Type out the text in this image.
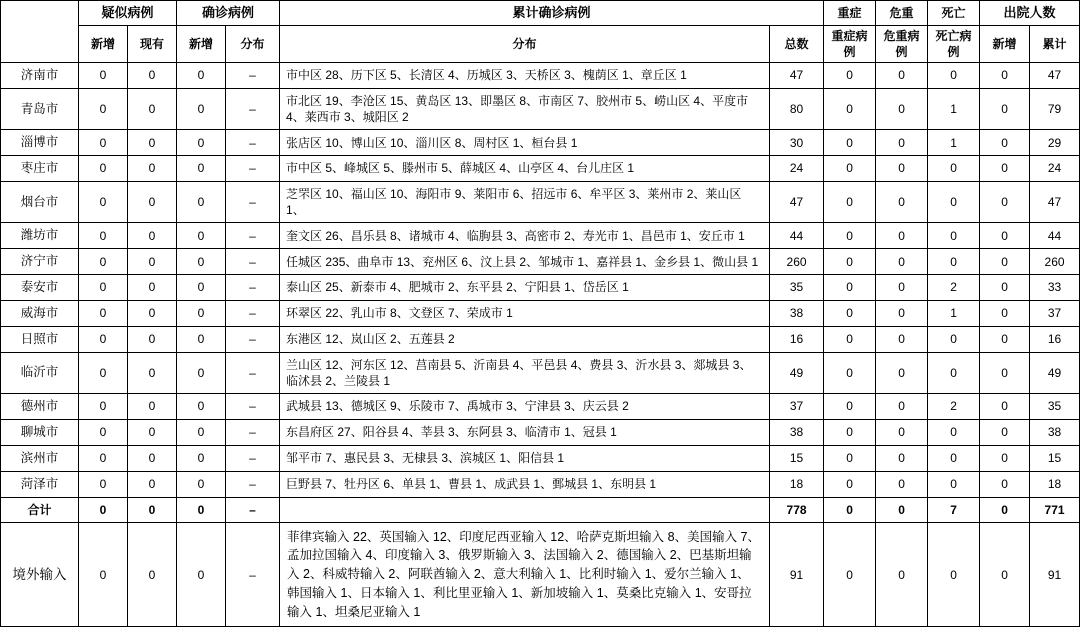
	疑似病例		确诊病例		累计确诊病例		重症	危重	死亡	出院人数	
	新增	现有	新增	分布	分布	总数	重症病例	危重病例	死亡病例	新增	累计
济南市	0	0	0	–	市中区 28、历下区 5、长清区 4、历城区 3、天桥区 3、槐荫区 1、章丘区 1	47	0	0	0	0	47
青岛市	0	0	0	–	市北区 19、李沧区 15、黄岛区 13、即墨区 8、市南区 7、胶州市 5、崂山区 4、平度市 4、莱西市 3、城阳区 2	80	0	0	1	0	79
淄博市	0	0	0	–	张店区 10、博山区 10、淄川区 8、周村区 1、桓台县 1	30	0	0	1	0	29
枣庄市	0	0	0	–	市中区 5、峰城区 5、滕州市 5、薛城区 4、山亭区 4、台儿庄区 1	24	0	0	0	0	24
烟台市	0	0	0	–	芝罘区 10、福山区 10、海阳市 9、莱阳市 6、招远市 6、牟平区 3、莱州市 2、莱山区 1、	47	0	0	0	0	47
潍坊市	0	0	0	–	奎文区 26、昌乐县 8、诸城市 4、临朐县 3、高密市 2、寿光市 1、昌邑市 1、安丘市 1	44	0	0	0	0	44
济宁市	0	0	0	–	任城区 235、曲阜市 13、兖州区 6、汶上县 2、邹城市 1、嘉祥县 1、金乡县 1、微山县 1	260	0	0	0	0	260
泰安市	0	0	0	–	泰山区 25、新泰市 4、肥城市 2、东平县 2、宁阳县 1、岱岳区 1	35	0	0	2	0	33
威海市	0	0	0	–	环翠区 22、乳山市 8、文登区 7、荣成市 1	38	0	0	1	0	37
日照市	0	0	0	–	东港区 12、岚山区 2、五莲县 2	16	0	0	0	0	16
临沂市	0	0	0	–	兰山区 12、河东区 12、莒南县 5、沂南县 4、平邑县 4、费县 3、沂水县 3、郯城县 3、临沭县 2、兰陵县 1	49	0	0	0	0	49
德州市	0	0	0	–	武城县 13、德城区 9、乐陵市 7、禹城市 3、宁津县 3、庆云县 2	37	0	0	2	0	35
聊城市	0	0	0	–	东昌府区 27、阳谷县 4、莘县 3、东阿县 3、临清市 1、冠县 1	38	0	0	0	0	38
滨州市	0	0	0	–	邹平市 7、惠民县 3、无棣县 3、滨城区 1、阳信县 1	15	0	0	0	0	15
菏泽市	0	0	0	–	巨野县 7、牡丹区 6、单县 1、曹县 1、成武县 1、鄄城县 1、东明县 1	18	0	0	0	0	18
合计	0	0	0	–		778	0	0	7	0	771
境外输入	0	0	0	–	菲律宾输入 22、英国输入 12、印度尼西亚输入 12、哈萨克斯坦输入 8、美国输入 7、孟加拉国输入 4、印度输入 3、俄罗斯输入 3、法国输入 2、德国输入 2、巴基斯坦输入 2、科威特输入 2、阿联酋输入 2、意大利输入 1、比利时输入 1、爱尔兰输入 1、韩国输入 1、日本输入 1、利比里亚输入 1、新加坡输入 1、莫桑比克输入 1、安哥拉输入 1、坦桑尼亚输入 1	91	0	0	0	0	91
